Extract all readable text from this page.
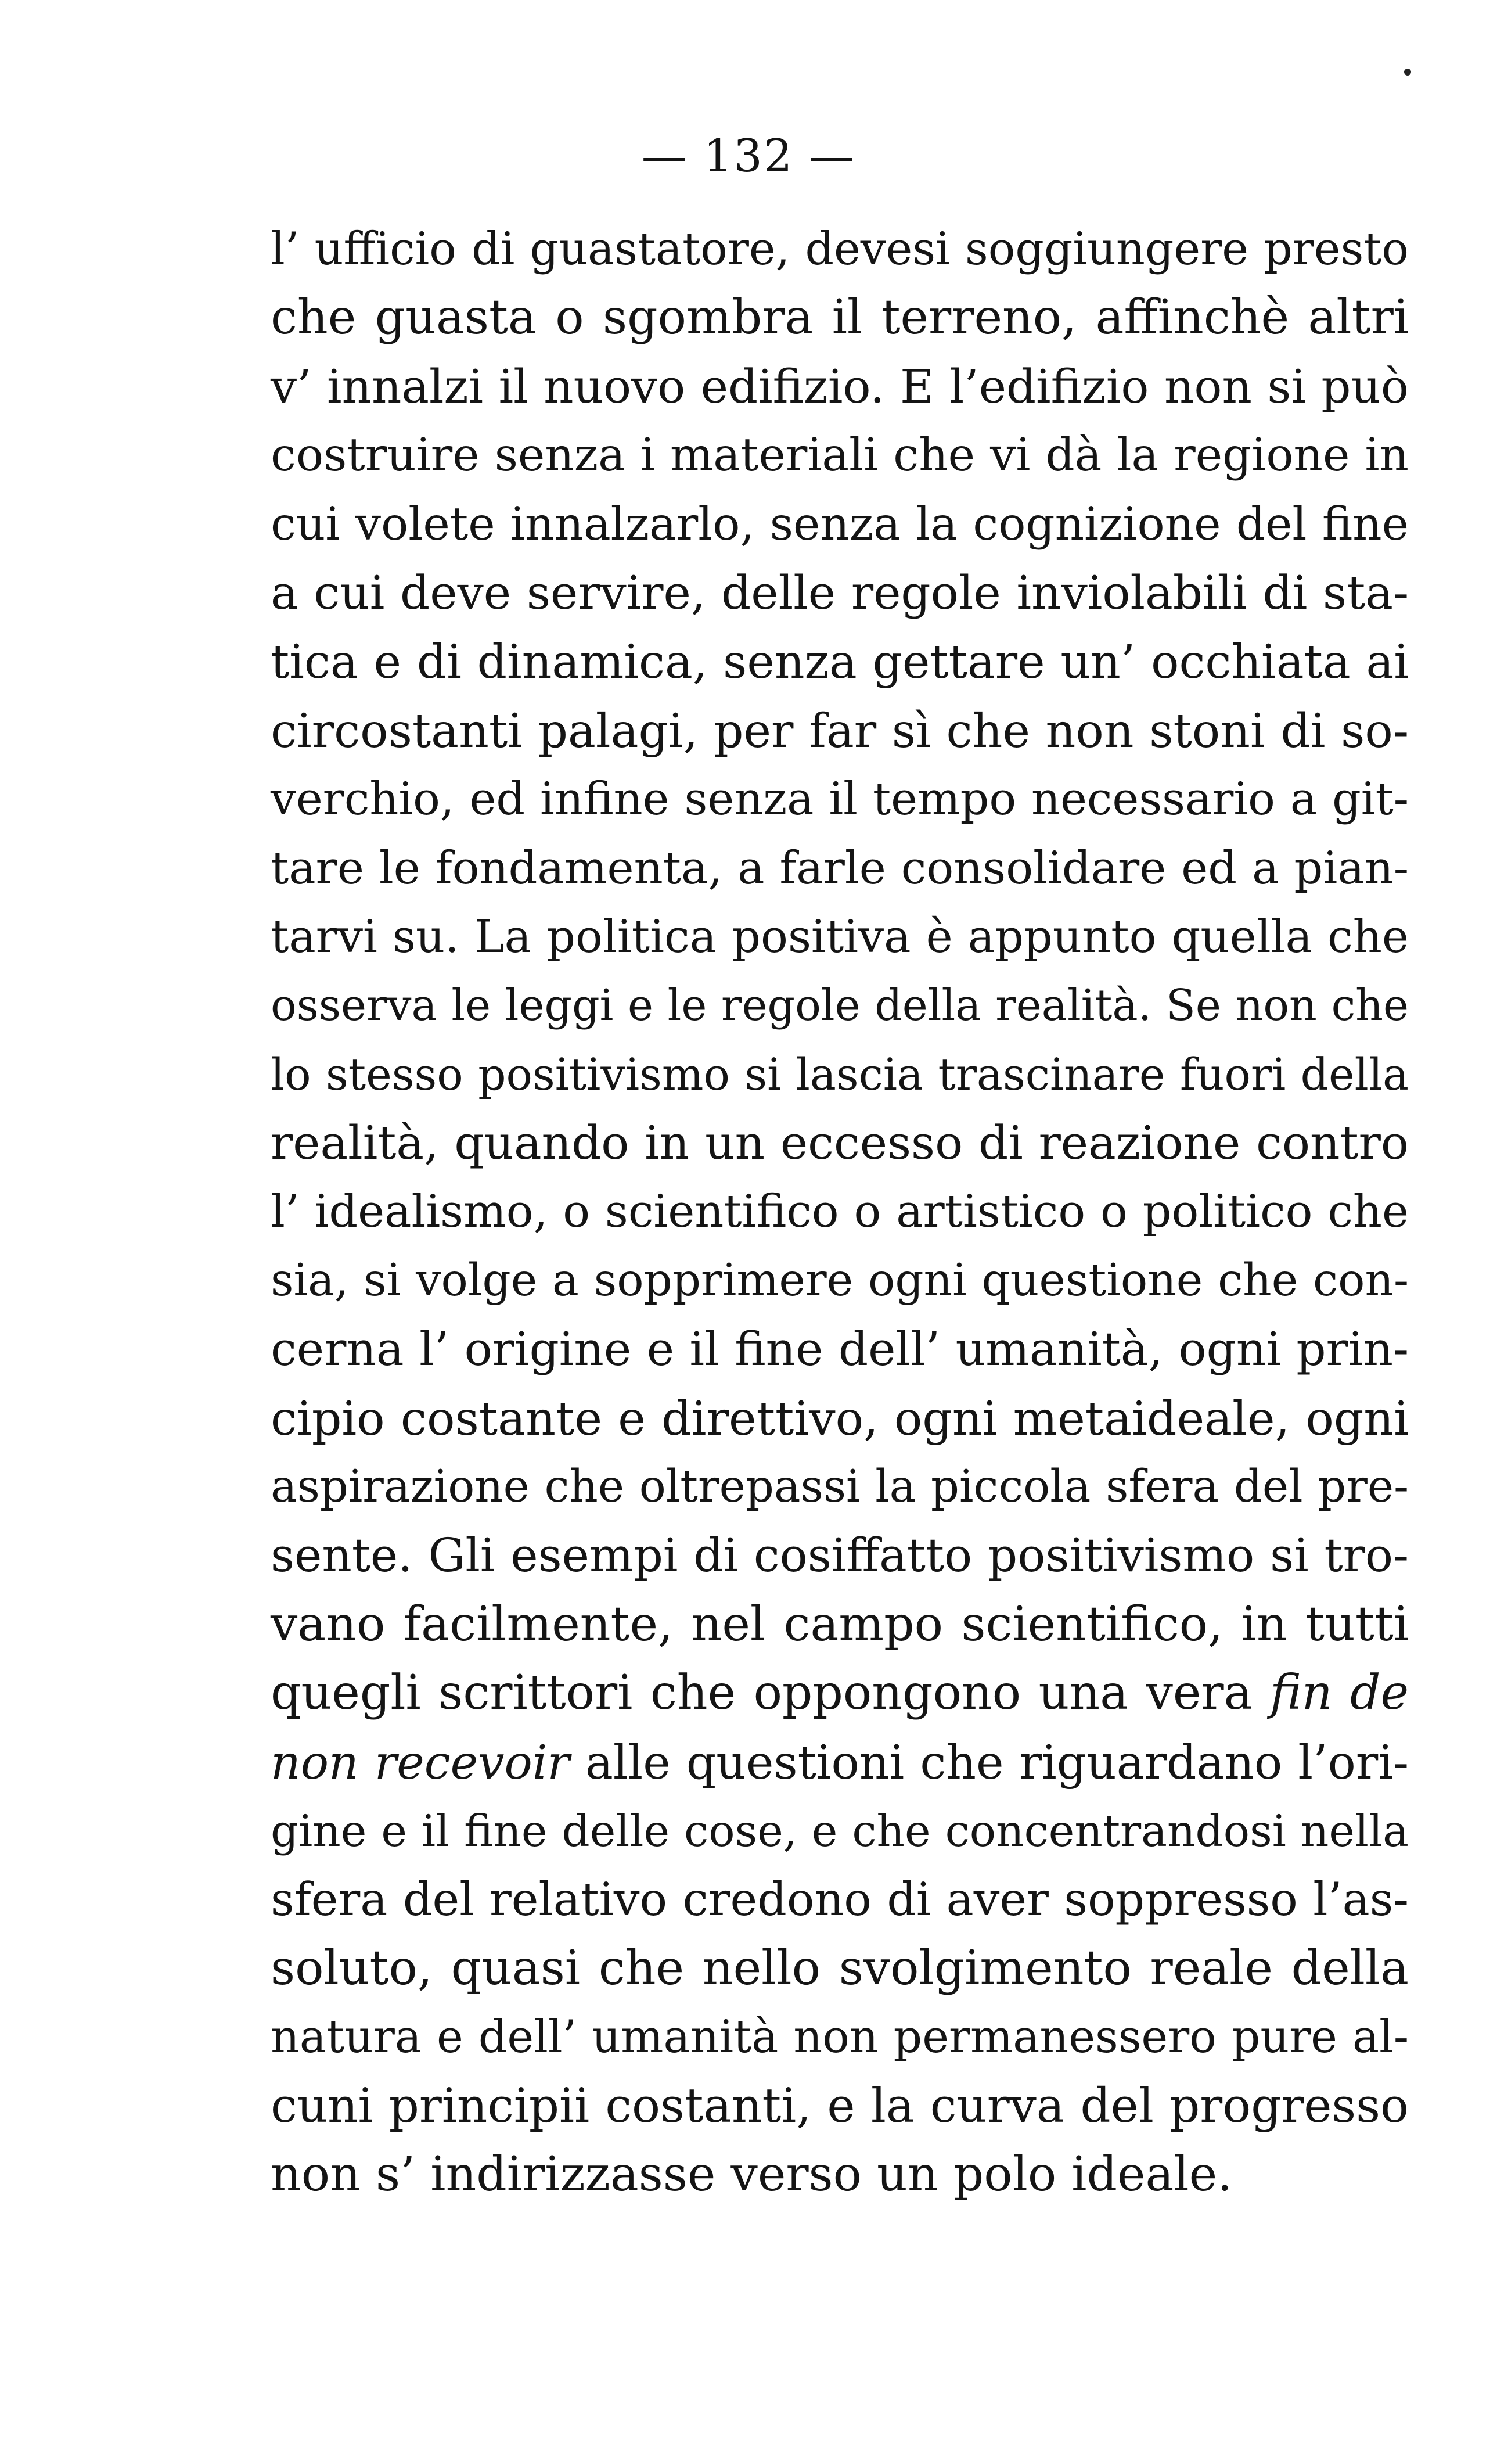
— 132 —
l’ ufficio di guastatore, devesi soggiungere presto
che guasta o sgombra il terreno, affinchè altri
v’ innalzi il nuovo edifizio. E l’edifizio non si può
costruire senza i materiali che vi dà la regione in
cui volete innalzarlo, senza la cognizione del fine
a cui deve servire, delle regole inviolabili di sta-
tica e di dinamica, senza gettare un’ occhiata ai
circostanti palagi, per far sì che non stoni di so-
verchio, ed infine senza il tempo necessario a git-
tare le fondamenta, a farle consolidare ed a pian-
tarvi su. La politica positiva è appunto quella che
osserva le leggi e le regole della realità. Se non che
lo stesso positivismo si lascia trascinare fuori della
realità, quando in un eccesso di reazione contro
l’ idealismo, o scientifico o artistico o politico che
sia, si volge a sopprimere ogni questione che con-
cerna l’ origine e il fine dell’ umanità, ogni prin-
cipio costante e direttivo, ogni metaideale, ogni
aspirazione che oltrepassi la piccola sfera del pre-
sente. Gli esempi di cosiffatto positivismo si tro-
vano facilmente, nel campo scientifico, in tutti
quegli scrittori che oppongono una vera fin de
non recevoir alle questioni che riguardano l’ori-
gine e il fine delle cose, e che concentrandosi nella
sfera del relativo credono di aver soppresso l’as-
soluto, quasi che nello svolgimento reale della
natura e dell’ umanità non permanessero pure al-
cuni principii costanti, e la curva del progresso
non s’ indirizzasse verso un polo ideale.
